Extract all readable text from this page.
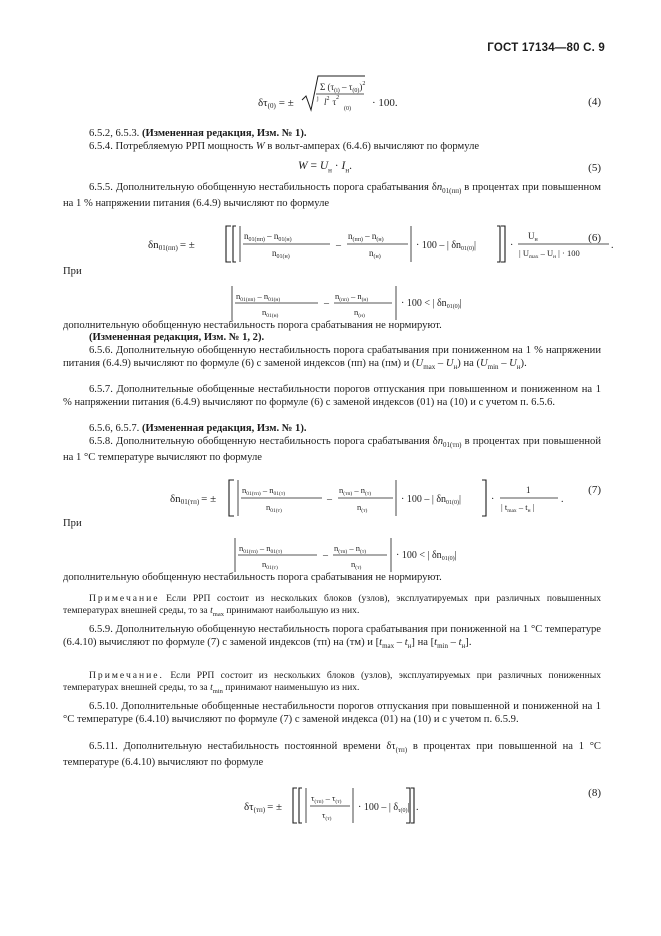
ГОСТ 17134—80 С. 9
δτ(0) = ±
Σ $(\tau_{(i)} - \tau_{(0)})^2$
j $l^2$ $\tau^2$
(0) · 100.	(4)
6.5.2, 6.5.3. (Измененная редакция, Изм. № 1).
6.5.4. Потребляемую РРП мощность W в вольт-амперах (6.4.6) вычисляют по формуле
$W = U_н \cdot I_н$.	(5)
6.5.5. Дополнительную обобщенную нестабильность порога срабатывания $\delta n_{01(пп)}$ в процентах при повышенном на 1 % напряжении питания (6.4.9) вычисляют по формуле
δn01(пп) = ±
$n_{01(пп)} - n_{01(н)}$
$n_{01(н)}$
–
$n_{(пп)} - n_{(н)}$
$n_{(н)}$
· 100 – | $\delta n_{01(0)}|$	·
$U_н$
| $U_{max} - U_н$ | · 100
.
(6)
При
$n_{01(пп)} - n_{01(н)}$
$n_{01(н)}$
–
$n_{(пп)} - n_{(н)}$
$n_{(н)}$
· 100 < | $\delta n_{01(0)}|$
дополнительную обобщенную нестабильность порога срабатывания не нормируют.
(Измененная редакция, Изм. № 1, 2).
6.5.6. Дополнительную обобщенную нестабильность порога срабатывания при пониженном на 1 % напряжении питания (6.4.9) вычисляют по формуле (6) с заменой индексов (пп) на (пм) и $(U_{max} - U_н)$ на $(U_{min} - U_н)$.
6.5.7. Дополнительные обобщенные нестабильности порогов отпускания при повышенном и пониженном на 1 % напряжении питания (6.4.9) вычисляют по формуле (6) с заменой индексов (01) на (10) и с учетом п. 6.5.6.
6.5.6, 6.5.7. (Измененная редакция, Изм. № 1).
6.5.8. Дополнительную обобщенную нестабильность порога срабатывания $\delta n_{01(тп)}$ в процентах при повышенной на 1 °С температуре вычисляют по формуле
δn01(тп) = ±
$n_{01(тп)} - n_{01(т)}$
$n_{01(т)}$
–
$n_{(тп)} - n_{(т)}$
$n_{(т)}$
· 100 – | $\delta n_{01(0)}|$	·
1
| $t_{max} - t_н$ |
.
(7)
При
$n_{01(тп)} - n_{01(т)}$
$n_{01(т)}$
–
$n_{(тп)} - n_{(т)}$
$n_{(т)}$
· 100 < | $\delta n_{01(0)}|$
дополнительную обобщенную нестабильность порога срабатывания не нормируют.
Примечание Если РРП состоит из нескольких блоков (узлов), эксплуатируемых при различных повышенных температурах внешней среды, то за $t_{max}$ принимают наибольшую из них.
6.5.9. Дополнительную обобщенную нестабильность порога срабатывания при пониженной на 1 °С температуре (6.4.10) вычисляют по формуле (7) с заменой индексов (тп) на (тм) и $[t_{max} - t_н]$ на $[t_{min} - t_н]$.
Примечание. Если РРП состоит из нескольких блоков (узлов), эксплуатируемых при различных пониженных температурах внешней среды, то за $t_{min}$ принимают наименьшую из них.
6.5.10. Дополнительные обобщенные нестабильности порогов отпускания при повышенной и пониженной на 1 °С температуре (6.4.10) вычисляют по формуле (7) с заменой индекса (01) на (10) и с учетом п. 6.5.9.
6.5.11. Дополнительную нестабильность постоянной времени $\delta\tau_{(тп)}$ в процентах при повышенной на 1 °С температуре (6.4.10) вычисляют по формуле
δτ(тп) = ±
$\tau_{(тп)} - \tau_{(т)}$
$\tau_{(т)}$
· 100 – | $\delta_{\tau(0)}|$ .
(8)
